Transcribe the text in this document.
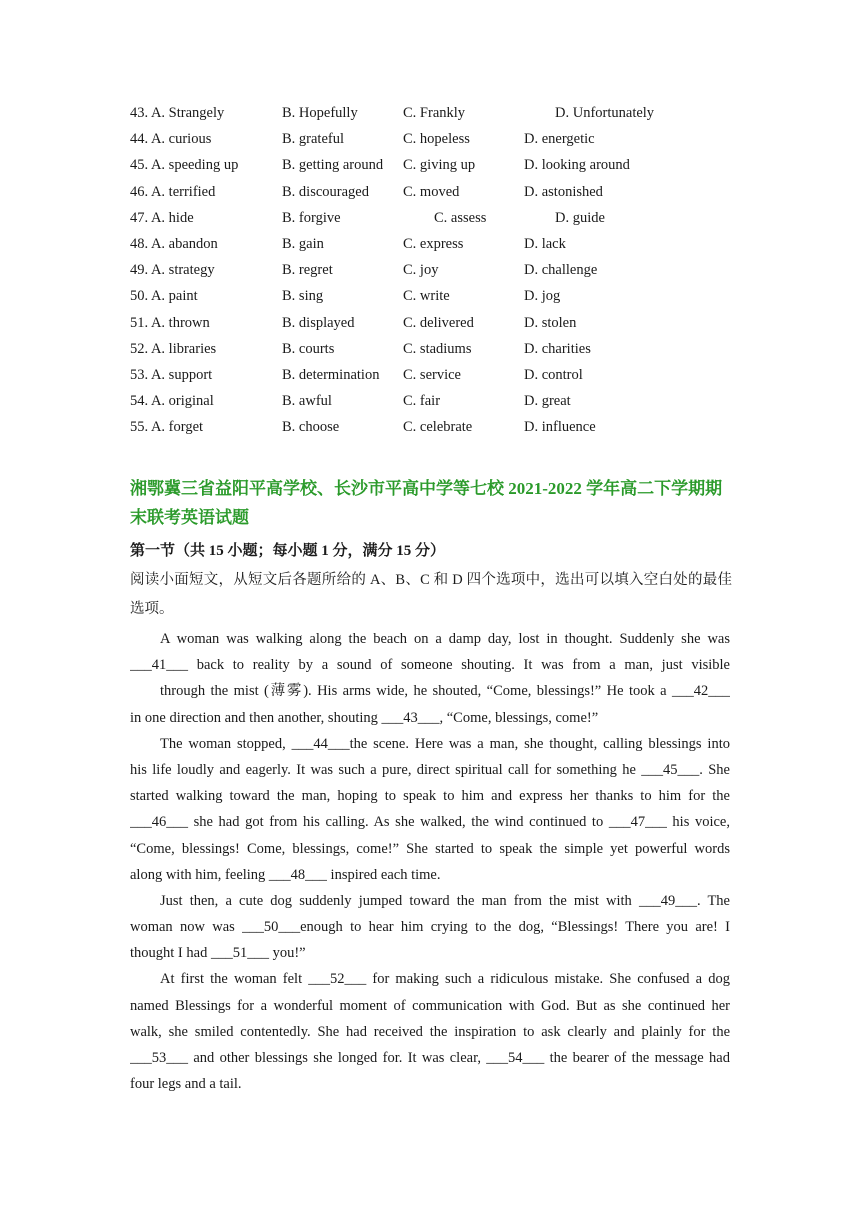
43. A. Strangely	B. Hopefully	C. Frankly	D. Unfortunately
44. A. curious	B. grateful	C. hopeless	D. energetic
45. A. speeding up	B. getting around C. giving up	D. looking around
46. A. terrified	B. discouraged C. moved	D. astonished
47. A. hide	B. forgive	C. assess	D. guide
48. A. abandon	B. gain	C. express	D. lack
49. A. strategy	B. regret	C. joy	D. challenge
50. A. paint	B. sing	C. write	D. jog
51. A. thrown	B. displayed	C. delivered	D. stolen
52. A. libraries	B. courts	C. stadiums	D. charities
53. A. support	B. determination C. service	D. control
54. A. original	B. awful	C. fair	D. great
55. A. forget	B. choose	C. celebrate	D. influence
湘鄂冀三省益阳平高学校、长沙市平高中学等七校 2021-2022 学年高二下学期期末联考英语试题
第一节（共 15 小题；每小题 1 分，满分 15 分）
阅读小面短文，从短文后各题所给的 A、B、C 和 D 四个选项中，选出可以填入空白处的最佳选项。
A woman was walking along the beach on a damp day, lost in thought. Suddenly she was
___41___ back to reality by a sound of someone shouting. It was from a man, just visible
through the mist (薄雾). His arms wide, he shouted, “Come, blessings!” He took a ___42___
in one direction and then another, shouting ___43___, “Come, blessings, come!”
The woman stopped, ___44___the scene. Here was a man, she thought, calling blessings into
his life loudly and eagerly. It was such a pure, direct spiritual call for something he ___45___. She
started walking toward the man, hoping to speak to him and express her thanks to him for the
___46___ she had got from his calling. As she walked, the wind continued to ___47___ his voice,
“Come, blessings! Come, blessings, come!” She started to speak the simple yet powerful words
along with him, feeling ___48___ inspired each time.
Just then, a cute dog suddenly jumped toward the man from the mist with ___49___. The
woman now was ___50___enough to hear him crying to the dog, “Blessings! There you are! I
thought I had ___51___ you!”
At first the woman felt ___52___ for making such a ridiculous mistake. She confused a dog
named Blessings for a wonderful moment of communication with God. But as she continued her
walk, she smiled contentedly. She had received the inspiration to ask clearly and plainly for the
___53___ and other blessings she longed for. It was clear, ___54___ the bearer of the message had
four legs and a tail.
